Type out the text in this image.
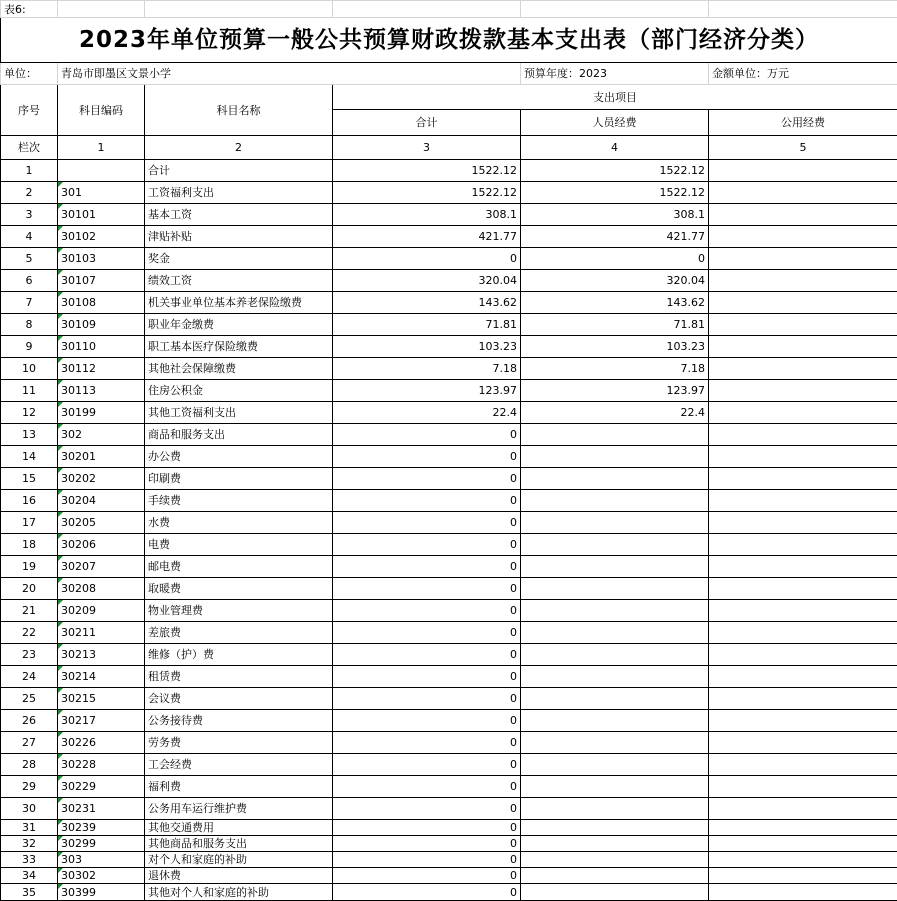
表6:					
2023年单位预算一般公共预算财政拨款基本支出表（部门经济分类）					
单位：	青岛市即墨区文景小学			预算年度：2023	金额单位：万元
序号	科目编码	科目名称	支出项目		
			合计	人员经费	公用经费
栏次	1	2	3	4	5
1		合计	1522.12	1522.12	
2	301	工资福利支出	1522.12	1522.12	
3	30101	基本工资	308.1	308.1	
4	30102	津贴补贴	421.77	421.77	
5	30103	奖金	0	0	
6	30107	绩效工资	320.04	320.04	
7	30108	机关事业单位基本养老保险缴费	143.62	143.62	
8	30109	职业年金缴费	71.81	71.81	
9	30110	职工基本医疗保险缴费	103.23	103.23	
10	30112	其他社会保障缴费	7.18	7.18	
11	30113	住房公积金	123.97	123.97	
12	30199	其他工资福利支出	22.4	22.4	
13	302	商品和服务支出	0		
14	30201	办公费	0		
15	30202	印刷费	0		
16	30204	手续费	0		
17	30205	水费	0		
18	30206	电费	0		
19	30207	邮电费	0		
20	30208	取暖费	0		
21	30209	物业管理费	0		
22	30211	差旅费	0		
23	30213	维修（护）费	0		
24	30214	租赁费	0		
25	30215	会议费	0		
26	30217	公务接待费	0		
27	30226	劳务费	0		
28	30228	工会经费	0		
29	30229	福利费	0		
30	30231	公务用车运行维护费	0		
31	30239	其他交通费用	0		
32	30299	其他商品和服务支出	0		
33	303	对个人和家庭的补助	0		
34	30302	退休费	0		
35	30399	其他对个人和家庭的补助	0		
